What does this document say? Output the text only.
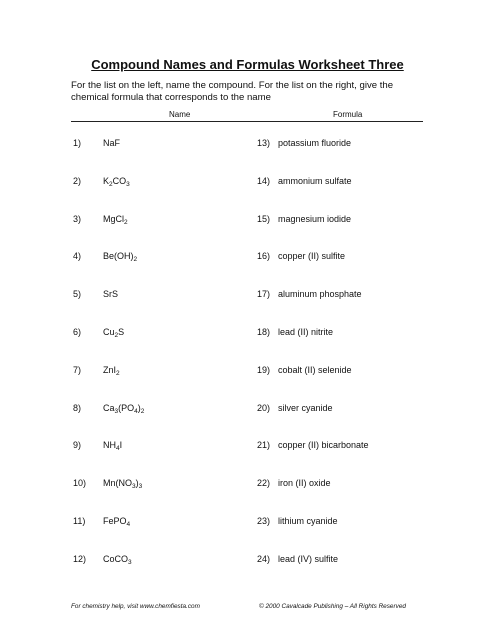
Compound Names and Formulas Worksheet Three
For the list on the left, name the compound. For the list on the right, give the
chemical formula that corresponds to the name
Name	Formula
1) NaF
2) $K_2CO_3$
3) MgCl$_2$
4) $Be(OH)_2$
5) SrS
6) $Cu_2S$
7) ZnI$_2$
8) $Ca_3(PO_4)_2$
9) $NH_4I$
10) $Mn(NO_3)_3$
11) FePO$_4$
12) CoCO$_3$
13) potassium fluoride
14) ammonium sulfate
15) magnesium iodide
16) copper (II) sulfite
17) aluminum phosphate
18) lead (II) nitrite
19) cobalt (II) selenide
20) silver cyanide
21) copper (II) bicarbonate
22) iron (II) oxide
23) lithium cyanide
24) lead (IV) sulfite
For chemistry help, visit www.chemfiesta.com	© 2000 Cavalcade Publishing – All Rights Reserved
